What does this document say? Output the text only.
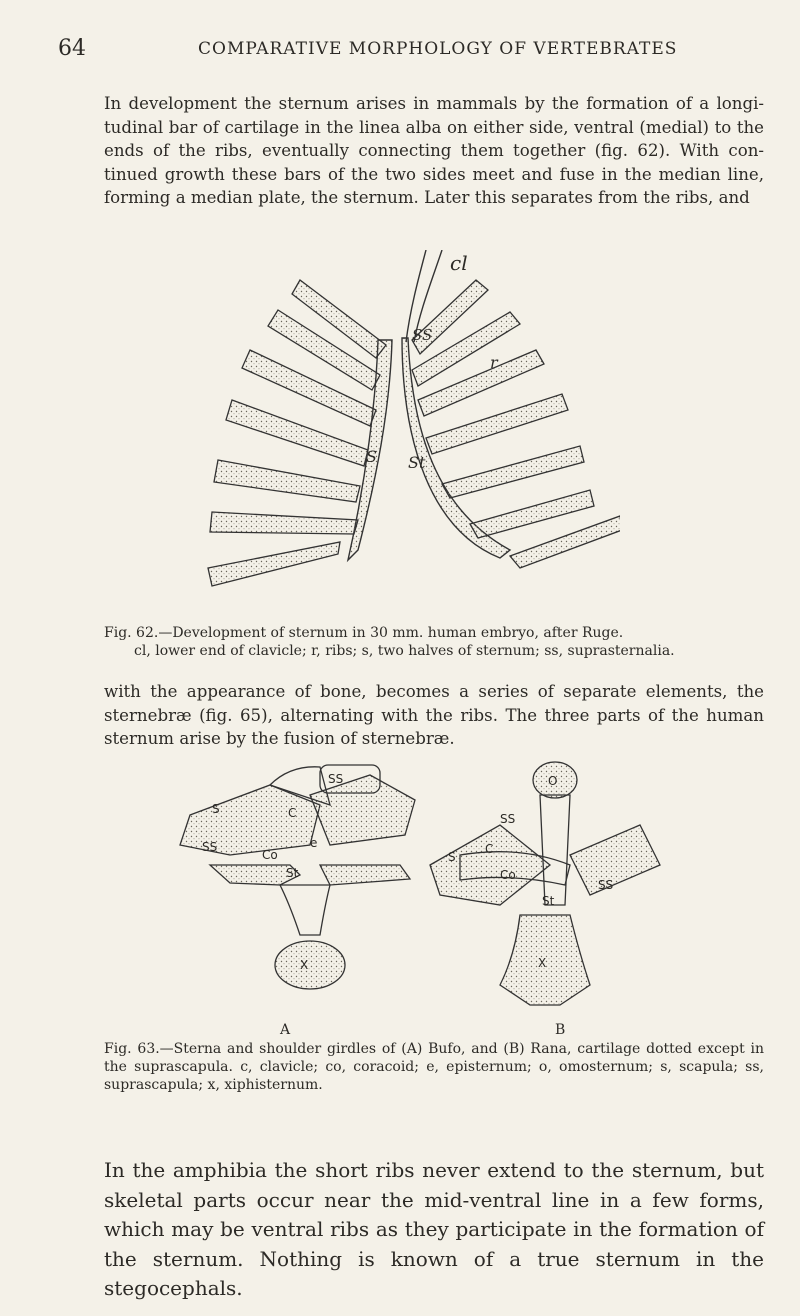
64	COMPARATIVE MORPHOLOGY OF VERTEBRATES

In development the sternum arises in mammals by the formation of a longi-tudinal bar of cartilage in the linea alba on either side, ventral (medial) to the ends of the ribs, eventually connecting them together (fig. 62). With con-tinued growth these bars of the two sides meet and fuse in the median line, forming a median plate, the sternum. Later this separates from the ribs, and

cl
SS
r
S St

Fig. 62.—Development of sternum in 30 mm. human embryo, after Ruge.
cl, lower end of clavicle; r, ribs; s, two halves of sternum; ss, suprasternalia.

with the appearance of bone, becomes a series of separate elements, the sternebræ (fig. 65), alternating with the ribs. The three parts of the human sternum arise by the fusion of sternebræ.

S
SS
SS
C
Co
e
St
X
O
SS
S
C
Co
SS
St
X
A	B

Fig. 63.—Sterna and shoulder girdles of (A) Bufo, and (B) Rana, cartilage dotted except in the suprascapula. c, clavicle; co, coracoid; e, episternum; o, omosternum; s, scapula; ss, suprascapula; x, xiphisternum.

In the amphibia the short ribs never extend to the sternum, but skeletal parts occur near the mid-ventral line in a few forms, which may be ventral ribs as they participate in the formation of the sternum. Nothing is known of a true sternum in the stegocephals.
